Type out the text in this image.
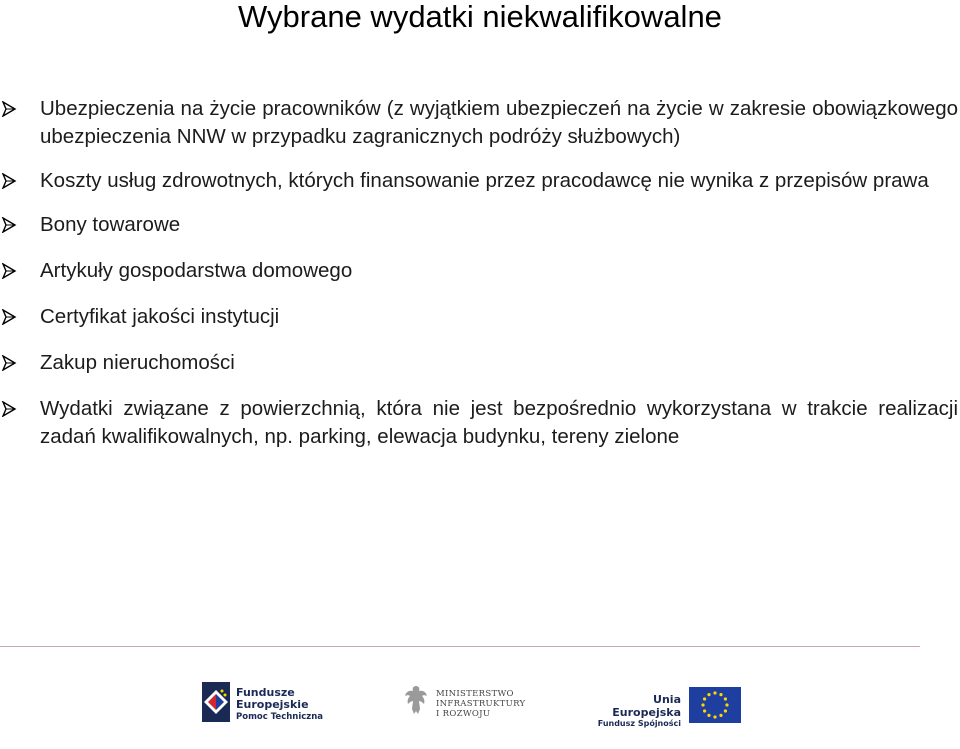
Wybrane wydatki niekwalifikowalne
Ubezpieczenia na życie pracowników (z wyjątkiem ubezpieczeń na życie w zakresie obowiązkowego ubezpieczenia NNW w przypadku zagranicznych podróży służbowych)
Koszty usług zdrowotnych, których finansowanie przez pracodawcę nie wynika z przepisów prawa
Bony towarowe
Artykuły gospodarstwa domowego
Certyfikat jakości instytucji
Zakup nieruchomości
Wydatki związane z powierzchnią, która nie jest bezpośrednio wykorzystana w trakcie realizacji zadań kwalifikowalnych, np. parking, elewacja budynku, tereny zielone
Fundusze
Europejskie
Pomoc Techniczna
MINISTERSTWO
INFRASTRUKTURY
I ROZWOJU
Unia Europejska
Fundusz Spójności
